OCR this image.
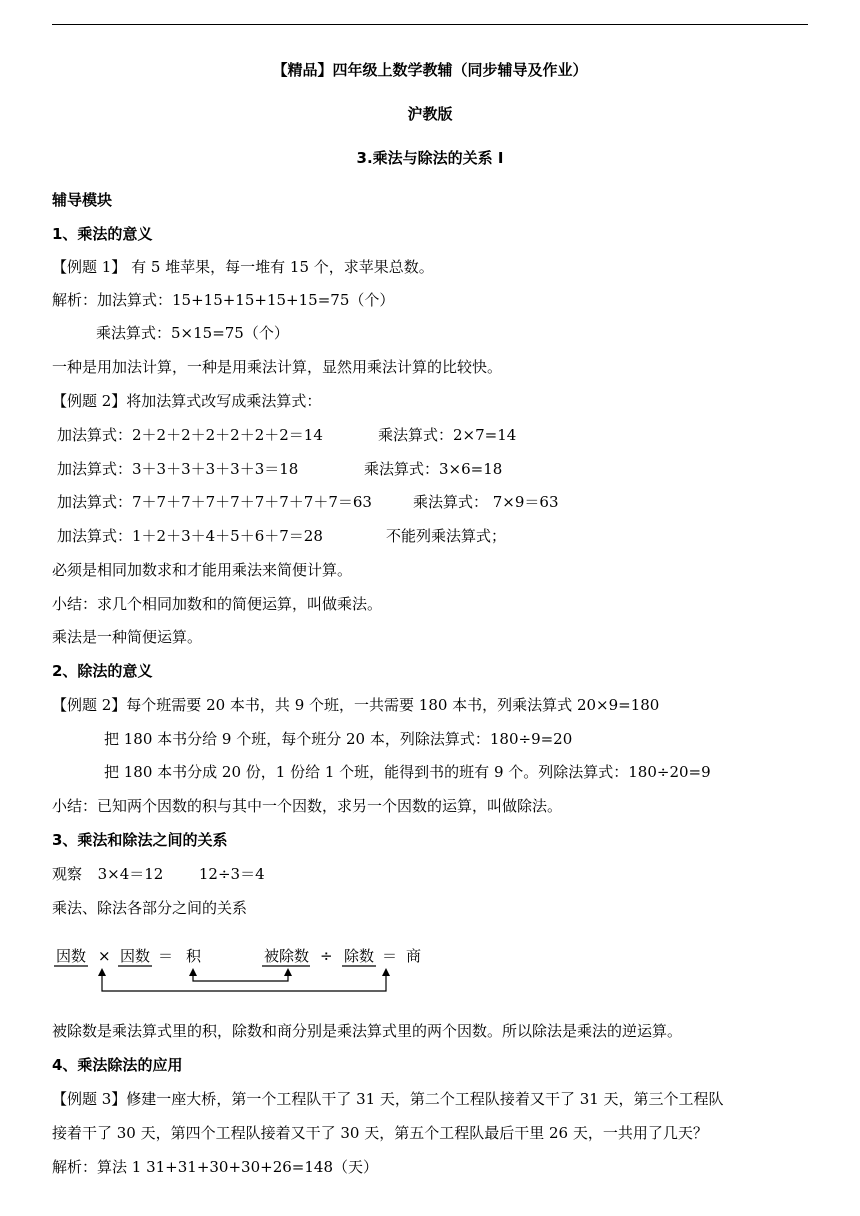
【精品】四年级上数学教辅（同步辅导及作业）
沪教版
3.乘法与除法的关系 I
辅导模块
1、乘法的意义
【例题 1】 有 5 堆苹果，每一堆有 15 个，求苹果总数。
解析：加法算式：15+15+15+15+15=75（个）
乘法算式：5×15=75（个）
一种是用加法计算，一种是用乘法计算，显然用乘法计算的比较快。
【例题 2】将加法算式改写成乘法算式：
加法算式：2＋2＋2＋2＋2＋2＋2＝14	乘法算式：2×7=14
加法算式：3＋3＋3＋3＋3＋3＝18	乘法算式：3×6=18
加法算式：7＋7＋7＋7＋7＋7＋7＋7＋7＝63	乘法算式： 7×9＝63
加法算式：1＋2＋3＋4＋5＋6＋7＝28	不能列乘法算式；
必须是相同加数求和才能用乘法来简便计算。
小结：求几个相同加数和的简便运算，叫做乘法。
乘法是一种简便运算。
2、除法的意义
【例题 2】每个班需要 20 本书，共 9 个班，一共需要 180 本书，列乘法算式 20×9=180
把 180 本书分给 9 个班，每个班分 20 本，列除法算式：180÷9=20
把 180 本书分成 20 份，1 份给 1 个班，能得到书的班有 9 个。列除法算式：180÷20=9
小结：已知两个因数的积与其中一个因数，求另一个因数的运算，叫做除法。
3、乘法和除法之间的关系
观察 3×4＝12 12÷3＝4
乘法、除法各部分之间的关系
因数 × 因数 ＝ 积	被除数 ÷ 除数 ＝ 商
被除数是乘法算式里的积，除数和商分别是乘法算式里的两个因数。所以除法是乘法的逆运算。
4、乘法除法的应用
【例题 3】修建一座大桥，第一个工程队干了 31 天，第二个工程队接着又干了 31 天，第三个工程队
接着干了 30 天，第四个工程队接着又干了 30 天，第五个工程队最后干里 26 天，一共用了几天？
解析：算法 1 31+31+30+30+26=148（天）
